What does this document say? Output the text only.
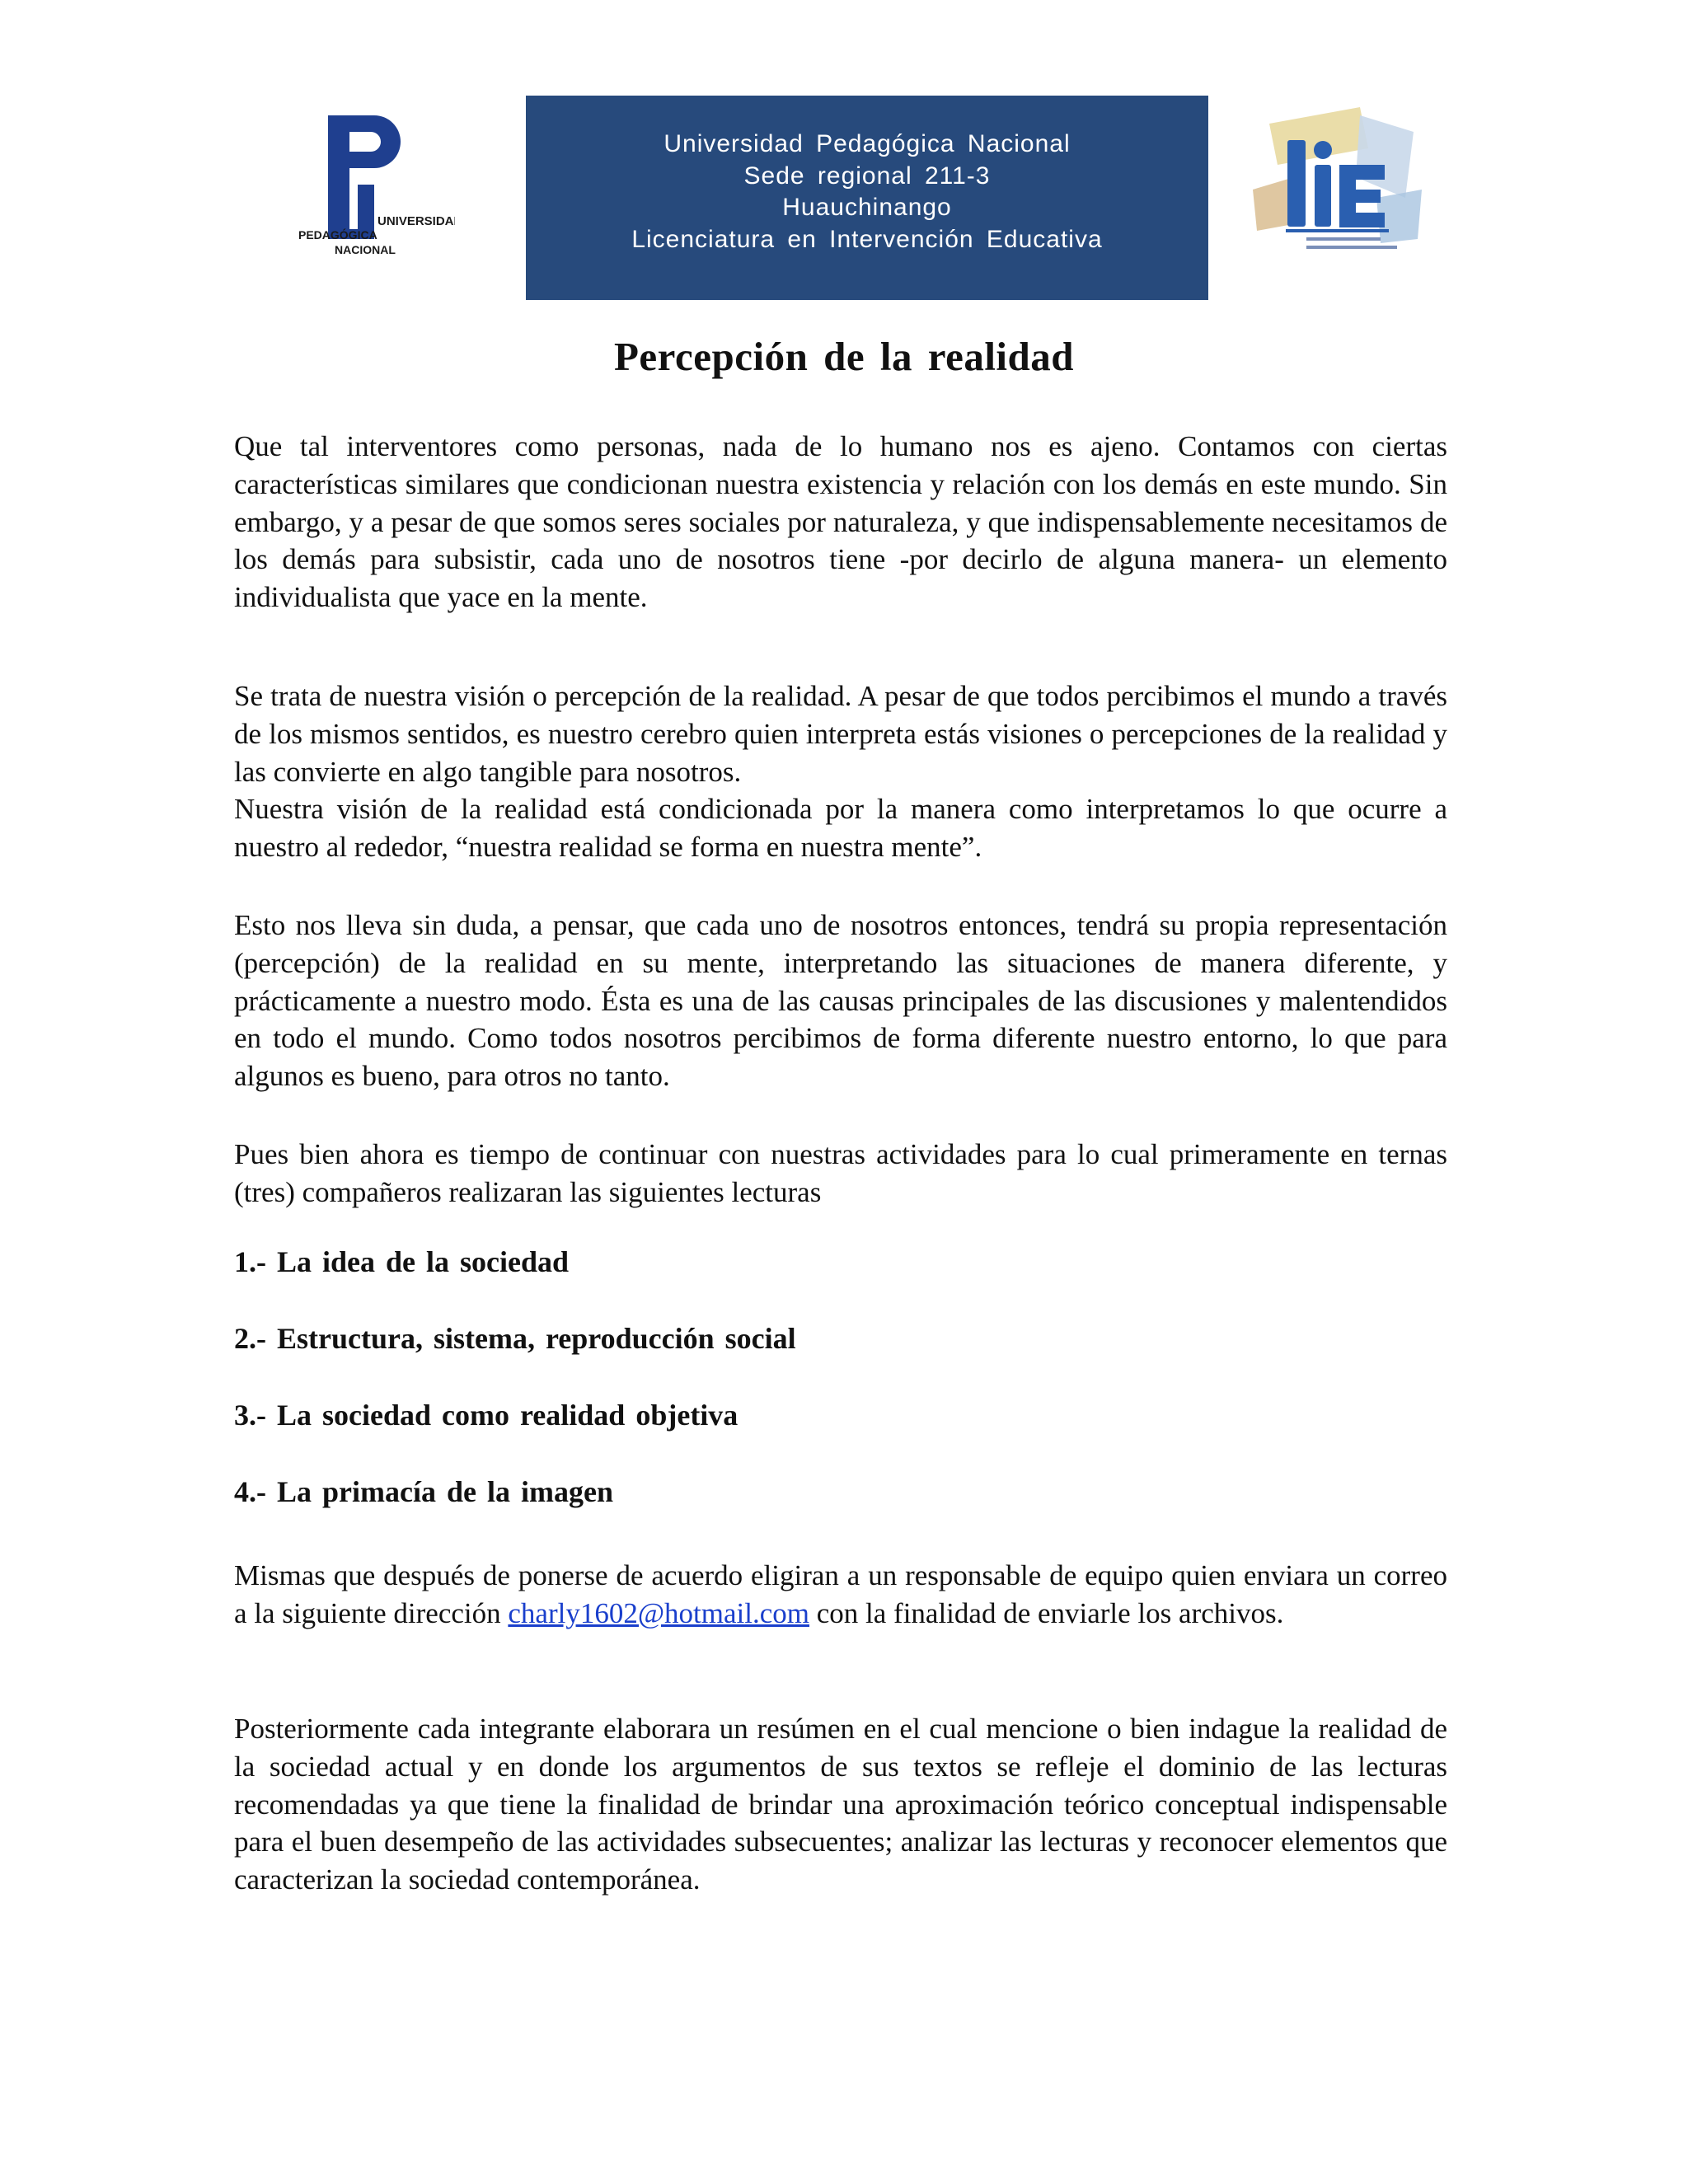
UNIVERSIDAD
PEDAGÓGICA
NACIONAL
Universidad Pedagógica Nacional
Sede regional 211-3
Huauchinango
Licenciatura en Intervención Educativa
Percepción de la realidad

Que tal interventores como personas, nada de lo humano nos es ajeno. Contamos con ciertas características similares que condicionan nuestra existencia y relación con los demás en este mundo. Sin embargo, y a pesar de que somos seres sociales por naturaleza, y que indispensablemente necesitamos de los demás para subsistir, cada uno de nosotros tiene -por decirlo de alguna manera- un elemento individualista que yace en la mente.

Se trata de nuestra visión o percepción de la realidad. A pesar de que todos percibimos el mundo a través de los mismos sentidos, es nuestro cerebro quien interpreta estás visiones o percepciones de la realidad y las convierte en algo tangible para nosotros.

Nuestra visión de la realidad está condicionada por la manera como interpretamos lo que ocurre a nuestro al rededor, “nuestra realidad se forma en nuestra mente”.

Esto nos lleva sin duda, a pensar, que cada uno de nosotros entonces, tendrá su propia representación (percepción) de la realidad en su mente, interpretando las situaciones de manera diferente, y prácticamente a nuestro modo. Ésta es una de las causas principales de las discusiones y malentendidos en todo el mundo. Como todos nosotros percibimos de forma diferente nuestro entorno, lo que para algunos es bueno, para otros no tanto.

Pues bien ahora es tiempo de continuar con nuestras actividades para lo cual primeramente en ternas (tres) compañeros realizaran las siguientes lecturas

1.- La idea de la sociedad
2.- Estructura, sistema, reproducción social
3.- La sociedad como realidad objetiva
4.- La primacía de la imagen

Mismas que después de ponerse de acuerdo eligiran a un responsable de equipo quien enviara un correo a la siguiente dirección charly1602@hotmail.com con la finalidad de enviarle los archivos.

Posteriormente cada integrante elaborara un resúmen en el cual mencione o bien indague la realidad de la sociedad actual y en donde los argumentos de sus textos se refleje el dominio de las lecturas recomendadas ya que tiene la finalidad de brindar una aproximación teórico conceptual indispensable para el buen desempeño de las actividades subsecuentes; analizar las lecturas y reconocer elementos que caracterizan la sociedad contemporánea.
